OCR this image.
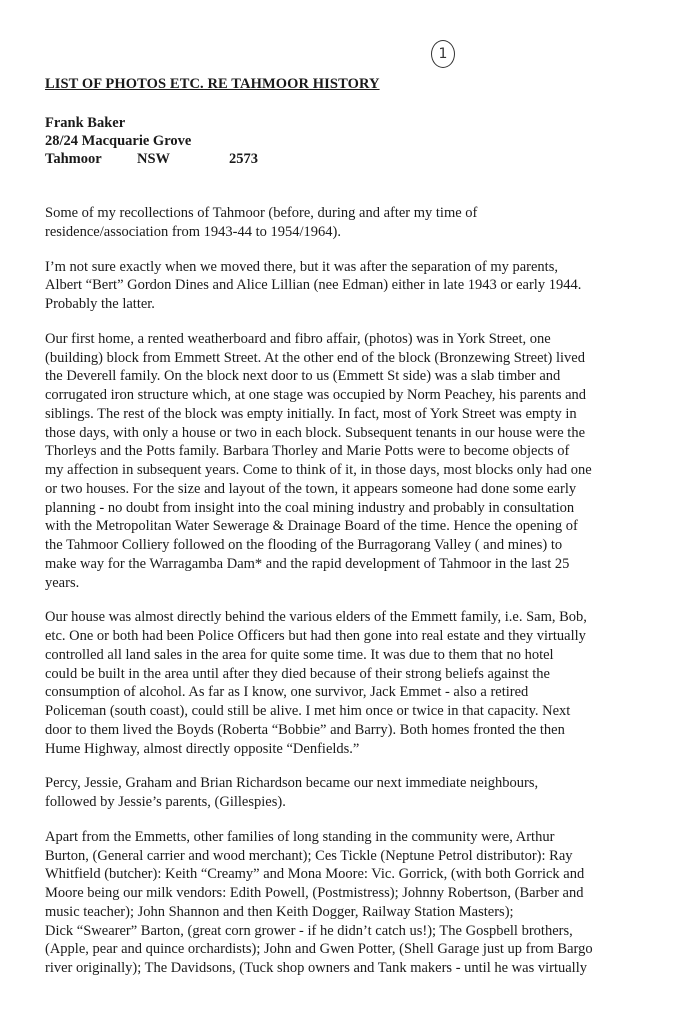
1
LIST OF PHOTOS ETC. RE TAHMOOR HISTORY
Frank Baker
28/24 Macquarie Grove
Tahmoor NSW	2573
Some of my recollections of Tahmoor (before, during and after my time of
residence/association from 1943-44 to 1954/1964).
I’m not sure exactly when we moved there, but it was after the separation of my parents,
Albert “Bert” Gordon Dines and Alice Lillian (nee Edman) either in late 1943 or early 1944.
Probably the latter.
Our first home, a rented weatherboard and fibro affair, (photos) was in York Street, one
(building) block from Emmett Street. At the other end of the block (Bronzewing Street) lived
the Deverell family. On the block next door to us (Emmett St side) was a slab timber and
corrugated iron structure which, at one stage was occupied by Norm Peachey, his parents and
siblings. The rest of the block was empty initially. In fact, most of York Street was empty in
those days, with only a house or two in each block. Subsequent tenants in our house were the
Thorleys and the Potts family. Barbara Thorley and Marie Potts were to become objects of
my affection in subsequent years. Come to think of it, in those days, most blocks only had one
or two houses. For the size and layout of the town, it appears someone had done some early
planning - no doubt from insight into the coal mining industry and probably in consultation
with the Metropolitan Water Sewerage & Drainage Board of the time. Hence the opening of
the Tahmoor Colliery followed on the flooding of the Burragorang Valley ( and mines) to
make way for the Warragamba Dam* and the rapid development of Tahmoor in the last 25
years.
Our house was almost directly behind the various elders of the Emmett family, i.e. Sam, Bob,
etc. One or both had been Police Officers but had then gone into real estate and they virtually
controlled all land sales in the area for quite some time. It was due to them that no hotel
could be built in the area until after they died because of their strong beliefs against the
consumption of alcohol. As far as I know, one survivor, Jack Emmet - also a retired
Policeman (south coast), could still be alive. I met him once or twice in that capacity. Next
door to them lived the Boyds (Roberta “Bobbie” and Barry). Both homes fronted the then
Hume Highway, almost directly opposite “Denfields.”
Percy, Jessie, Graham and Brian Richardson became our next immediate neighbours,
followed by Jessie’s parents, (Gillespies).
Apart from the Emmetts, other families of long standing in the community were, Arthur
Burton, (General carrier and wood merchant); Ces Tickle (Neptune Petrol distributor): Ray
Whitfield (butcher): Keith “Creamy” and Mona Moore: Vic. Gorrick, (with both Gorrick and
Moore being our milk vendors: Edith Powell, (Postmistress); Johnny Robertson, (Barber and
music teacher); John Shannon and then Keith Dogger, Railway Station Masters);
Dick “Swearer” Barton, (great corn grower - if he didn’t catch us!); The Gospbell brothers,
(Apple, pear and quince orchardists); John and Gwen Potter, (Shell Garage just up from Bargo
river originally); The Davidsons, (Tuck shop owners and Tank makers - until he was virtually
